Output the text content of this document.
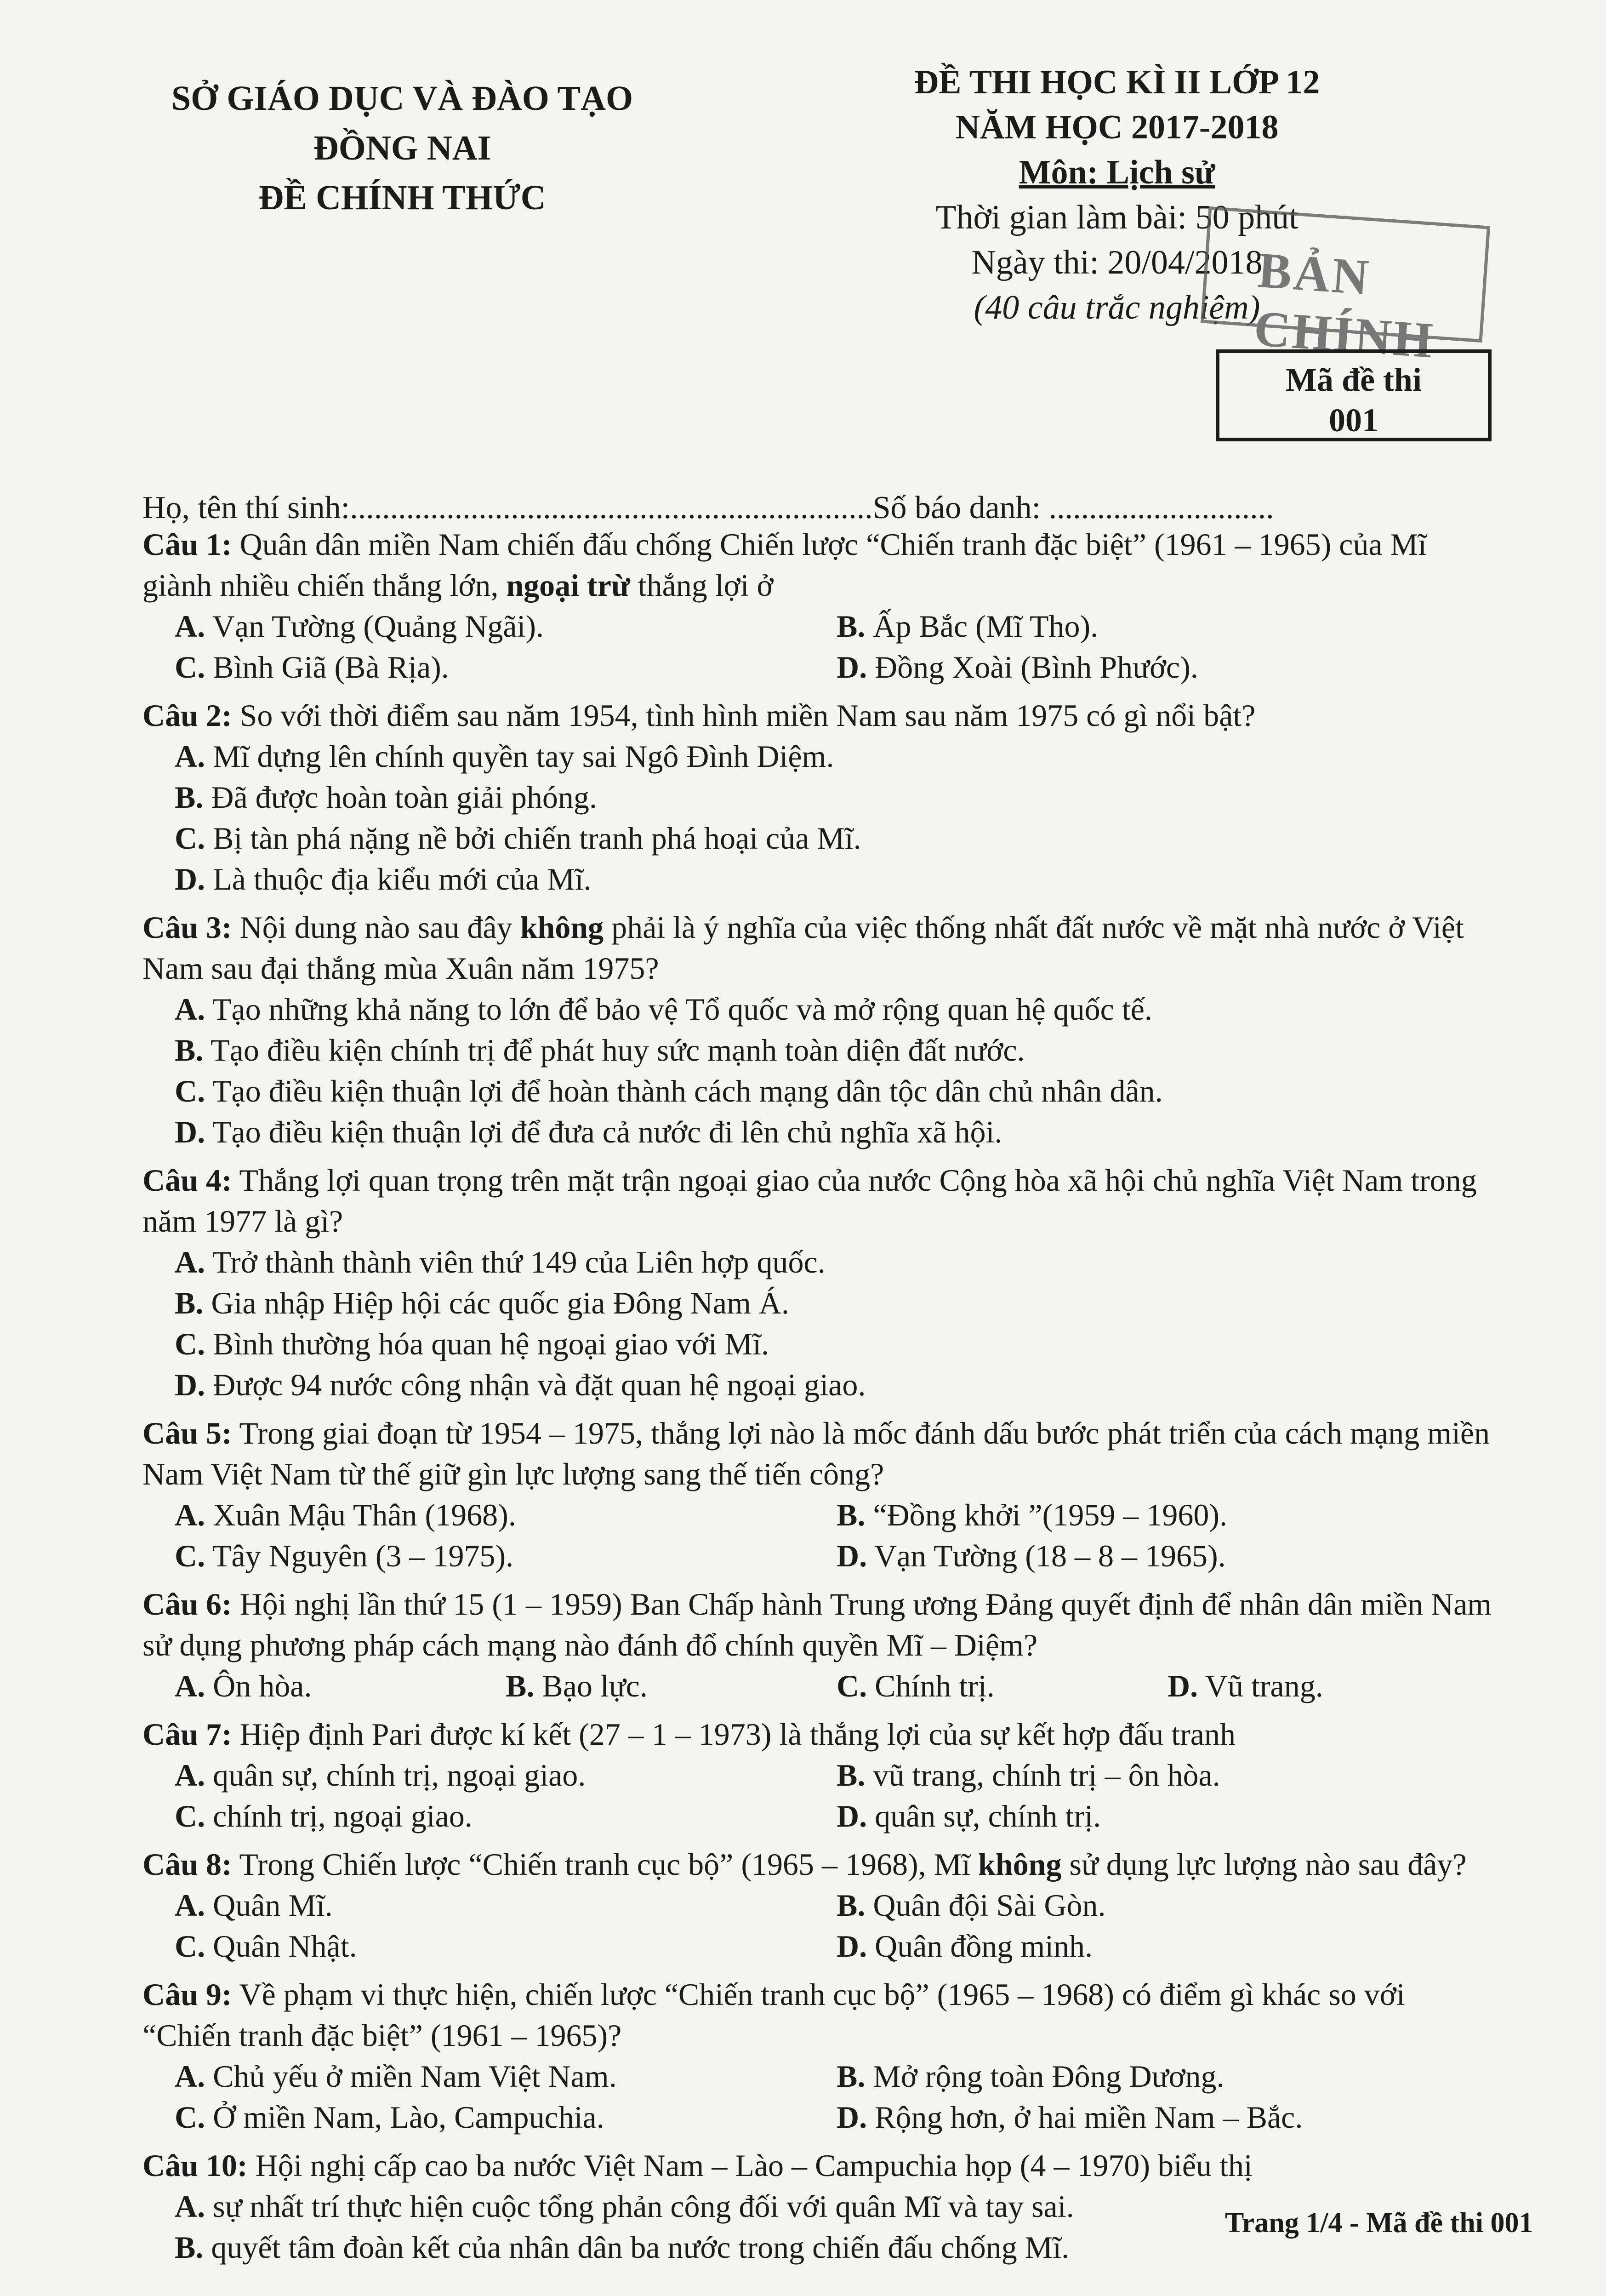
SỞ GIÁO DỤC VÀ ĐÀO TẠO
ĐỒNG NAI
ĐỀ CHÍNH THỨC
ĐỀ THI HỌC KÌ II LỚP 12
NĂM HỌC 2017-2018
Môn: Lịch sử
Thời gian làm bài: 50 phút
Ngày thi: 20/04/2018
(40 câu trắc nghiệm)
BẢN CHÍNH
Mã đề thi
001
Họ, tên thí sinh:.................................................................Số báo danh: ............................
Câu 1: Quân dân miền Nam chiến đấu chống Chiến lược “Chiến tranh đặc biệt” (1961 – 1965) của Mĩ giành nhiều chiến thắng lớn, ngoại trừ thắng lợi ở
A. Vạn Tường (Quảng Ngãi).	B. Ấp Bắc (Mĩ Tho).
C. Bình Giã (Bà Rịa).	D. Đồng Xoài (Bình Phước).
Câu 2: So với thời điểm sau năm 1954, tình hình miền Nam sau năm 1975 có gì nổi bật?
A. Mĩ dựng lên chính quyền tay sai Ngô Đình Diệm.
B. Đã được hoàn toàn giải phóng.
C. Bị tàn phá nặng nề bởi chiến tranh phá hoại của Mĩ.
D. Là thuộc địa kiểu mới của Mĩ.
Câu 3: Nội dung nào sau đây không phải là ý nghĩa của việc thống nhất đất nước về mặt nhà nước ở Việt Nam sau đại thắng mùa Xuân năm 1975?
A. Tạo những khả năng to lớn để bảo vệ Tổ quốc và mở rộng quan hệ quốc tế.
B. Tạo điều kiện chính trị để phát huy sức mạnh toàn diện đất nước.
C. Tạo điều kiện thuận lợi để hoàn thành cách mạng dân tộc dân chủ nhân dân.
D. Tạo điều kiện thuận lợi để đưa cả nước đi lên chủ nghĩa xã hội.
Câu 4: Thắng lợi quan trọng trên mặt trận ngoại giao của nước Cộng hòa xã hội chủ nghĩa Việt Nam trong năm 1977 là gì?
A. Trở thành thành viên thứ 149 của Liên hợp quốc.
B. Gia nhập Hiệp hội các quốc gia Đông Nam Á.
C. Bình thường hóa quan hệ ngoại giao với Mĩ.
D. Được 94 nước công nhận và đặt quan hệ ngoại giao.
Câu 5: Trong giai đoạn từ 1954 – 1975, thắng lợi nào là mốc đánh dấu bước phát triển của cách mạng miền Nam Việt Nam từ thế giữ gìn lực lượng sang thế tiến công?
A. Xuân Mậu Thân (1968).	B. “Đồng khởi ”(1959 – 1960).
C. Tây Nguyên (3 – 1975).	D. Vạn Tường (18 – 8 – 1965).
Câu 6: Hội nghị lần thứ 15 (1 – 1959) Ban Chấp hành Trung ương Đảng quyết định để nhân dân miền Nam sử dụng phương pháp cách mạng nào đánh đổ chính quyền Mĩ – Diệm?
A. Ôn hòa.	B. Bạo lực.	C. Chính trị.	D. Vũ trang.
Câu 7: Hiệp định Pari được kí kết (27 – 1 – 1973) là thắng lợi của sự kết hợp đấu tranh
A. quân sự, chính trị, ngoại giao.	B. vũ trang, chính trị – ôn hòa.
C. chính trị, ngoại giao.	D. quân sự, chính trị.
Câu 8: Trong Chiến lược “Chiến tranh cục bộ” (1965 – 1968), Mĩ không sử dụng lực lượng nào sau đây?
A. Quân Mĩ.	B. Quân đội Sài Gòn.
C. Quân Nhật.	D. Quân đồng minh.
Câu 9: Về phạm vi thực hiện, chiến lược “Chiến tranh cục bộ” (1965 – 1968) có điểm gì khác so với “Chiến tranh đặc biệt” (1961 – 1965)?
A. Chủ yếu ở miền Nam Việt Nam.	B. Mở rộng toàn Đông Dương.
C. Ở miền Nam, Lào, Campuchia.	D. Rộng hơn, ở hai miền Nam – Bắc.
Câu 10: Hội nghị cấp cao ba nước Việt Nam – Lào – Campuchia họp (4 – 1970) biểu thị
A. sự nhất trí thực hiện cuộc tổng phản công đối với quân Mĩ và tay sai.
B. quyết tâm đoàn kết của nhân dân ba nước trong chiến đấu chống Mĩ.
Trang 1/4 - Mã đề thi 001
